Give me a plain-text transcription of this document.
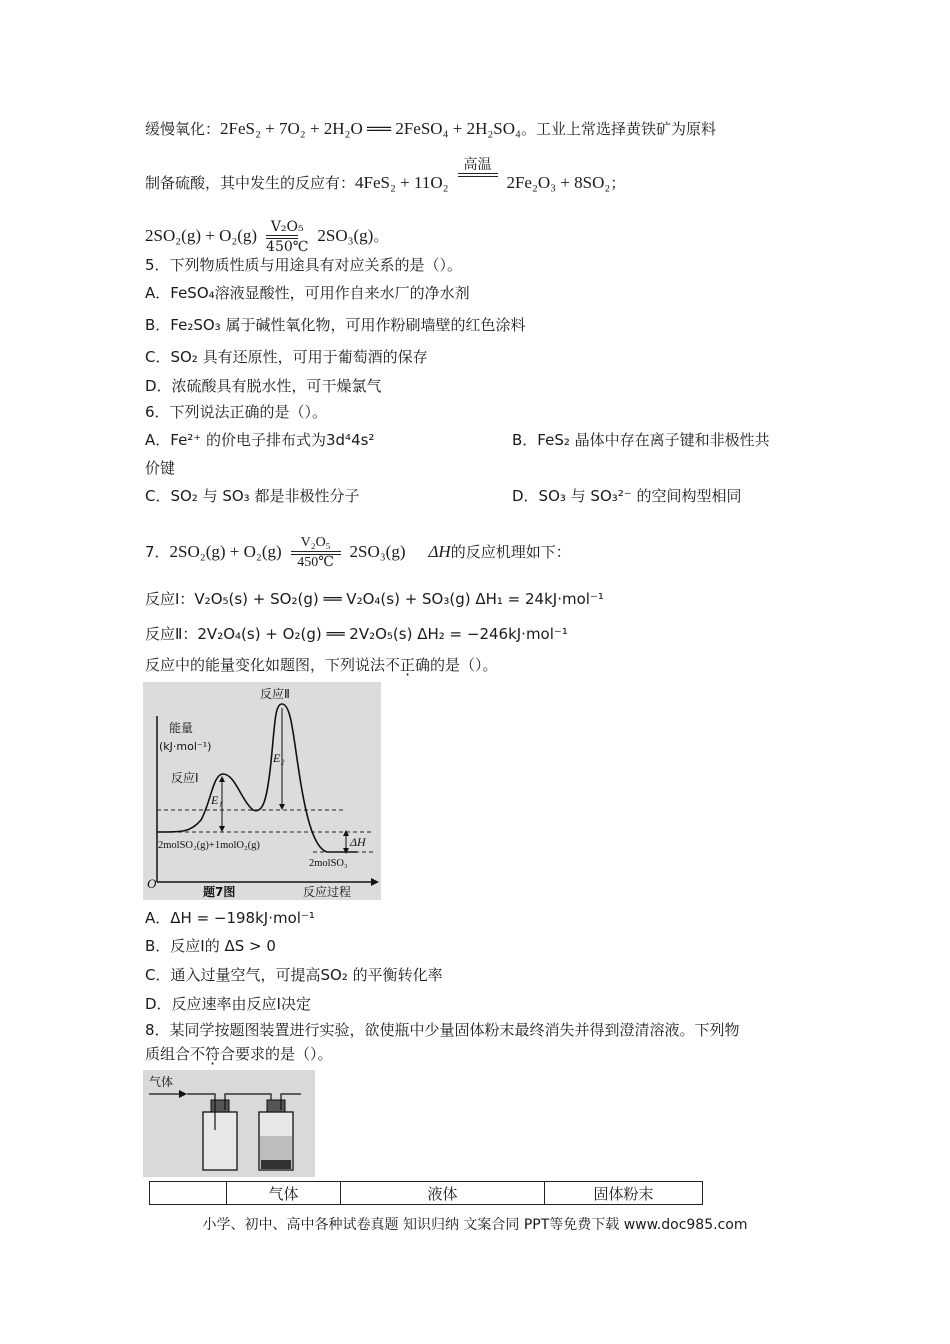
缓慢氧化：2FeS₂ + 7O₂ + 2H₂O ══ 2FeSO₄ + 2H₂SO₄。工业上常选择黄铁矿为原料
制备硫酸，其中发生的反应有：4FeS₂ + 11O₂
高温

2Fe₂O₃ + 8SO₂；
$2SO_2(g) + O_2(g) \frac{\text{V₂O₅}}{450℃} 2SO_3(g)$。
5．下列物质性质与用途具有对应关系的是（）。
A．FeSO₄溶液显酸性，可用作自来水厂的净水剂
B．Fe₂SO₃ 属于碱性氧化物，可用作粉刷墙壁的红色涂料
C．SO₂ 具有还原性，可用于葡萄酒的保存
D．浓硫酸具有脱水性，可干燥氯气
6．下列说法正确的是（）。
A．Fe²⁺ 的价电子排布式为3d⁴4s²	B．FeS₂ 晶体中存在离子键和非极性共
价键
C．SO₂ 与 SO₃ 都是非极性分子	D．SO₃ 与 SO₃²⁻ 的空间构型相同
7．$2SO_2(g) + O_2(g) \frac{\text{V₂O₅}}{450℃} 2SO_3(g)$ ΔH的反应机理如下：
反应Ⅰ：V₂O₅(s) + SO₂(g) ══ V₂O₄(s) + SO₃(g) ΔH₁ = 24kJ·mol⁻¹
反应Ⅱ：2V₂O₄(s) + O₂(g) ══ 2V₂O₅(s) ΔH₂ = −246kJ·mol⁻¹
反应中的能量变化如题图，下列说法不正确的是（）。
能量
(kJ·mol⁻¹)
反应Ⅰ
反应Ⅱ
E₁
E₂
ΔH
2molSO₂(g)+1molO₂(g)
2molSO₃
O
题7图	反应过程
A．ΔH = −198kJ·mol⁻¹
B．反应Ⅰ的 ΔS > 0
C．通入过量空气，可提高SO₂ 的平衡转化率
D．反应速率由反应Ⅰ决定
8．某同学按题图装置进行实验，欲使瓶中少量固体粉末最终消失并得到澄清溶液。下列物
质组合不符合要求的是（）。
气体
	气体	液体	固体粉末
小学、初中、高中各种试卷真题 知识归纳 文案合同 PPT等免费下载 www.doc985.com
